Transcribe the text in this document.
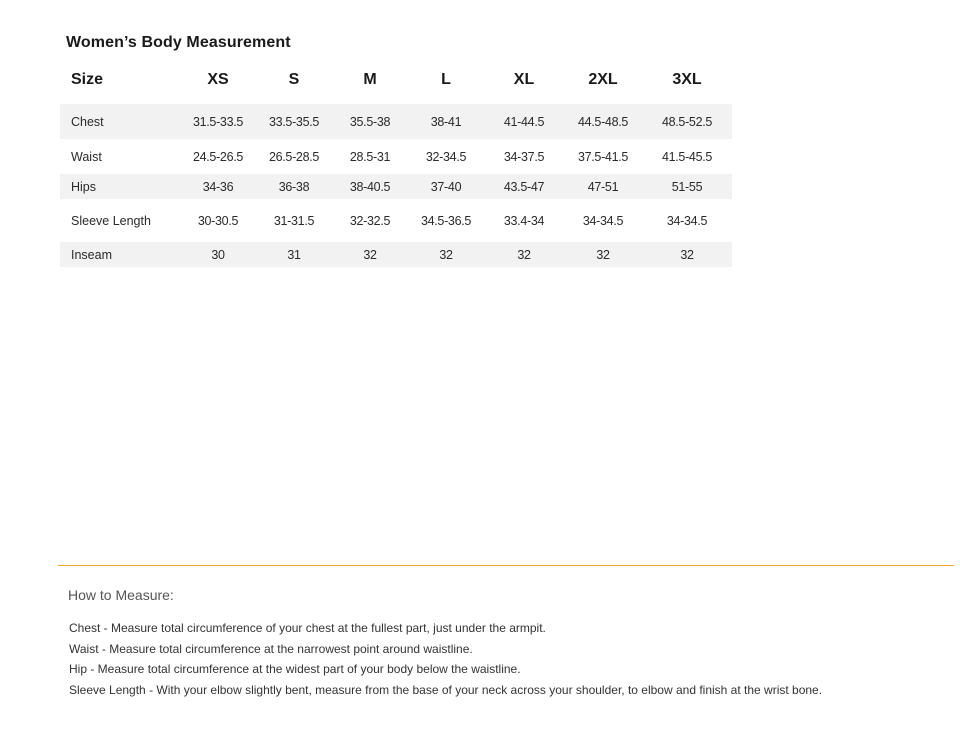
Women’s Body Measurement
Size	XS	S	M	L	XL	2XL	3XL

Chest	31.5-33.5	33.5-35.5	35.5-38	38-41	41-44.5	44.5-48.5	48.5-52.5
Waist	24.5-26.5	26.5-28.5	28.5-31	32-34.5	34-37.5	37.5-41.5	41.5-45.5
Hips	34-36	36-38	38-40.5	37-40	43.5-47	47-51	51-55
Sleeve Length	30-30.5	31-31.5	32-32.5	34.5-36.5	33.4-34	34-34.5	34-34.5
Inseam	30	31	32	32	32	32	32
How to Measure:
Chest - Measure total circumference of your chest at the fullest part, just under the armpit.
Waist - Measure total circumference at the narrowest point around waistline.
Hip - Measure total circumference at the widest part of your body below the waistline.
Sleeve Length - With your elbow slightly bent, measure from the base of your neck across your shoulder, to elbow and finish at the wrist bone.
